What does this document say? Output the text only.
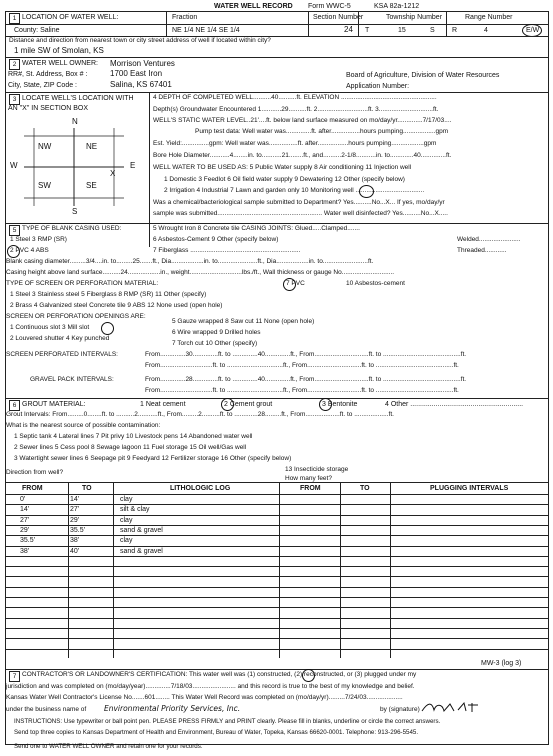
WATER WELL RECORD Form WWC-5	KSA 82a-1212
1 LOCATION OF WATER WELL:	Fraction	Section Number	Township Number	Range Number
County: Saline	NE 1/4 NE 1/4 SE 1/4	24 T	15	S R	4	E/W
Distance and direction from nearest town or city street address of well if located within city?
1 mile SW of Smolan, KS
2 WATER WELL OWNER: Morrison Ventures
RR#, St. Address, Box # :	1700 East Iron	Board of Agriculture, Division of Water Resources
City, State, ZIP Code :	Salina, KS 67401	Application Number:
3 LOCATE WELL'S LOCATION WITH
AN "X" IN SECTION BOX
N
S
W	E
NW	NE
SW	SE
X
4 DEPTH OF COMPLETED WELL..........40..........ft. ELEVATION .....................................................
Depth(s) Groundwater Encountered 1...........29..........ft. 2............................ft. 3..............................ft.
WELL'S STATIC WATER LEVEL..21'....ft. below land surface measured on mo/day/yr..............7/17/03....
Pump test data: Well water was..............ft. after................hours pumping..................gpm
Est. Yield:...............gpm: Well water was................ft. after.................hours pumping..................gpm
Bore Hole Diameter...........4........in. to...........21........ft., and..........2-1/8...........in. to.............40..............ft.
WELL WATER TO BE USED AS: 5 Public Water supply 8 Air conditioning 11 Injection well
1 Domestic 3 Feedlot 6 Oil field water supply 9 Dewatering 12 Other (specify below)
2 Irrigation 4 Industrial 7 Lawn and garden only 10 Monitoring well ......................................
Was a chemical/bacteriological sample submitted to Department? Yes..........No...X... If yes, mo/day/yr
sample was submitted.......................................................... Water well disinfected? Yes..........No...X.....
5 TYPE OF BLANK CASING USED:	5 Wrought Iron 8 Concrete tile CASING JOINTS: Glued.....Clamped.......
1 Steel 3 RMP (SR)	6 Asbestos-Cement 9 Other (specify below)	Welded.......................
2 PVC 4 ABS	7 Fiberglass .............................................................	Threaded............
Blank casing diameter.........3/4....in. to.........25.......ft., Dia..................in. to......................ft., Dia..................in. to.........................ft.
Casing height above land surface..........24..................in., weight.............................lbs./ft., Wall thickness or gauge No.............................
TYPE OF SCREEN OR PERFORATION MATERIAL:	7 PVC	10 Asbestos-cement
1 Steel 3 Stainless steel 5 Fiberglass 8 RMP (SR) 11 Other (specify)
2 Brass 4 Galvanized steel Concrete tile 9 ABS 12 None used (open hole)
SCREEN OR PERFORATION OPENINGS ARE:
5 Gauze wrapped 8 Saw cut 11 None (open hole)
1 Continuous slot 3 Mill slot
2 Louvered shutter 4 Key punched
6 Wire wrapped 9 Drilled holes
7 Torch cut 10 Other (specify)
SCREEN PERFORATED INTERVALS:	From..............30..............ft. to ..............40..............ft., From..............................ft. to ...........................................ft.
From.............................ft. to ...............................ft., From..............................ft. to ...........................................ft.
GRAVEL PACK INTERVALS:	From..............28..............ft. to ..............40..............ft., From..............................ft. to ...........................................ft.
From.............................ft. to ...............................ft., From..............................ft. to ...........................................ft.
6 GROUT MATERIAL:	1 Neat cement	2 Cement grout	3 Bentonite	4 Other ..........................................................
Grout Intervals: From.........0........ft. to ..........2...........ft., From.........2..........ft. to .............28.........ft., From...................ft. to ...................ft.
What is the nearest source of possible contamination:
1 Septic tank 4 Lateral lines 7 Pit privy 10 Livestock pens 14 Abandoned water well
2 Sewer lines 5 Cess pool 8 Sewage lagoon 11 Fuel storage 15 Oil well/Gas well
3 Watertight sewer lines 6 Seepage pit 9 Feedyard 12 Fertilizer storage 16 Other (specify below)
13 Insecticide storage
Direction from well?
How many feet?
FROM	TO	LITHOLOGIC LOG	FROM	TO	PLUGGING INTERVALS
0'	14'	clay
14'	27'	silt & clay
27'	29'	clay
29'	35.5'	sand & gravel
35.5'	38'	clay
38'	40'	sand & gravel
MW-3 (log 3)
7 CONTRACTOR'S OR LANDOWNER'S CERTIFICATION: This water well was (1) constructed, (2) reconstructed, or (3) plugged under my
jurisdiction and was completed on (mo/day/year)..............7/18/03........................ and this record is true to the best of my knowledge and belief.
Kansas Water Well Contractor's License No.......601........ This Water Well Record was completed on (mo/day/yr).........7/24/03....................
under the business name of Environmental Priority Services, Inc.	by (signature)
INSTRUCTIONS: Use typewriter or ball point pen. PLEASE PRESS FIRMLY and PRINT clearly. Please fill in blanks, underline or circle the correct answers.
Send top three copies to Kansas Department of Health and Environment, Bureau of Water, Topeka, Kansas 66620-0001. Telephone: 913-296-5545.
Send one to WATER WELL OWNER and retain one for your records.
